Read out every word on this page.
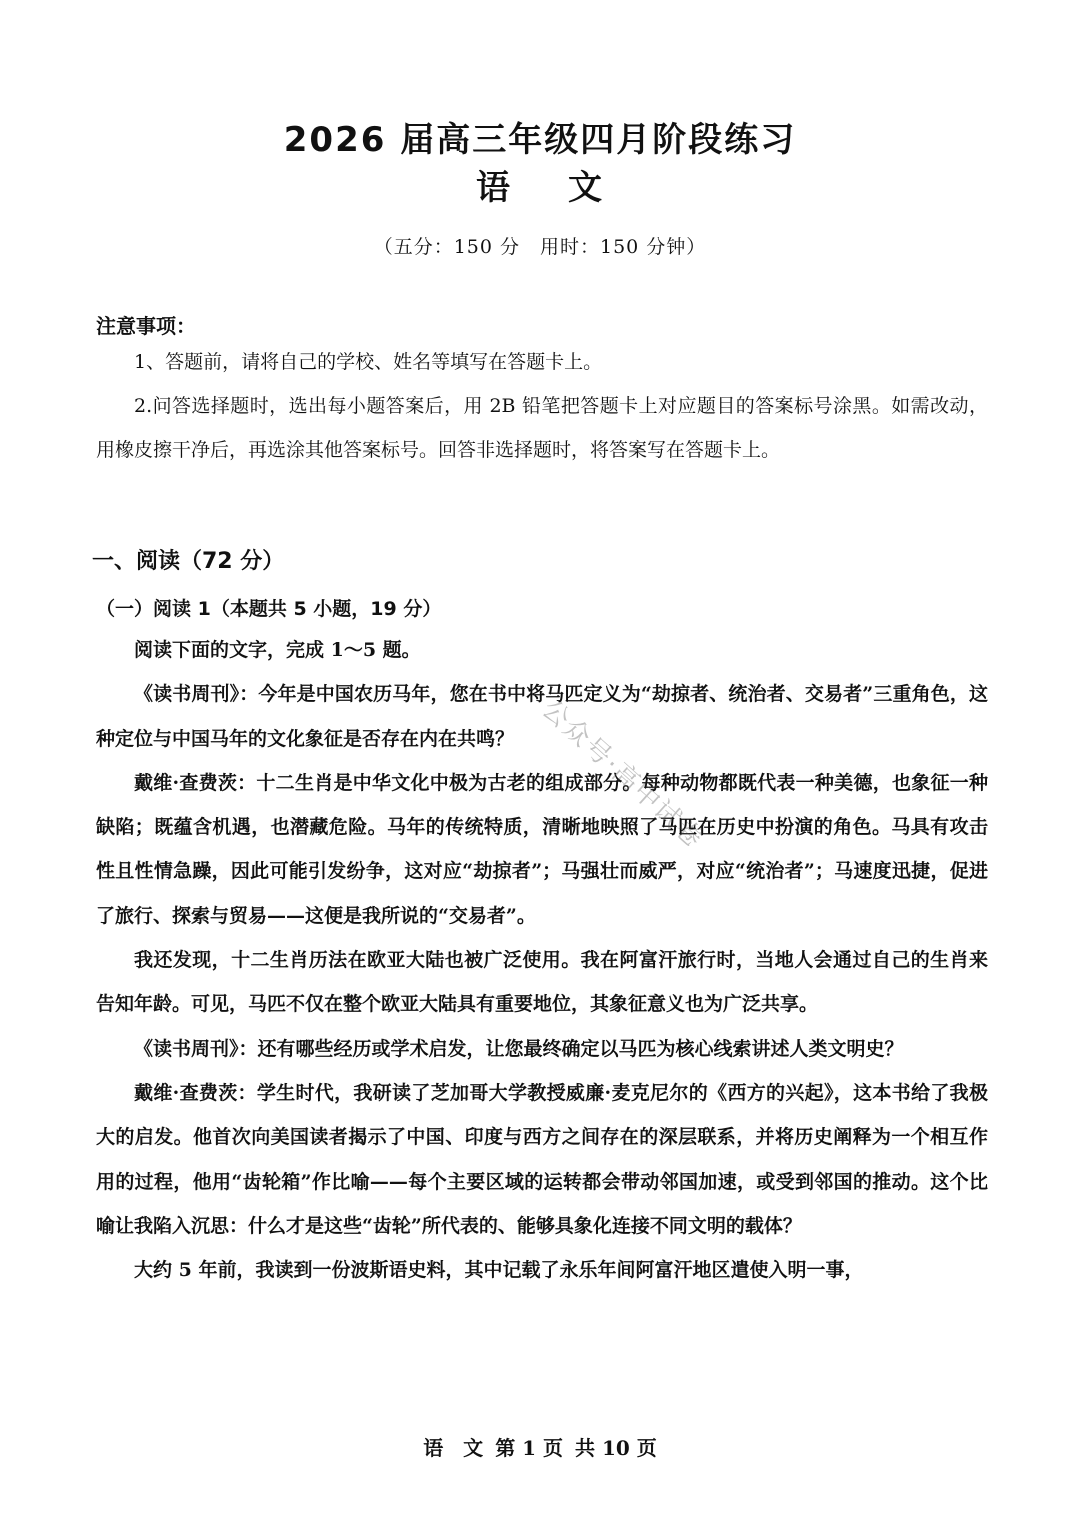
2026 届高三年级四月阶段练习
语 文
（五分：150 分　用时：150 分钟）
注意事项：

1、答题前，请将自己的学校、姓名等填写在答题卡上。

2.问答选择题时，选出每小题答案后，用 2B 铅笔把答题卡上对应题目的答案标号涂黑。如需改动，用橡皮擦干净后，再选涂其他答案标号。回答非选择题时，将答案写在答题卡上。

一、阅读（72 分）
（一）阅读 1（本题共 5 小题，19 分）

阅读下面的文字，完成 1～5 题。

《读书周刊》：今年是中国农历马年，您在书中将马匹定义为“劫掠者、统治者、交易者”三重角色，这种定位与中国马年的文化象征是否存在内在共鸣？

戴维·查费茨：十二生肖是中华文化中极为古老的组成部分。每种动物都既代表一种美德，也象征一种缺陷；既蕴含机遇，也潜藏危险。马年的传统特质，清晰地映照了马匹在历史中扮演的角色。马具有攻击性且性情急躁，因此可能引发纷争，这对应“劫掠者”；马强壮而威严，对应“统治者”；马速度迅捷，促进了旅行、探索与贸易——这便是我所说的“交易者”。

我还发现，十二生肖历法在欧亚大陆也被广泛使用。我在阿富汗旅行时，当地人会通过自己的生肖来告知年龄。可见，马匹不仅在整个欧亚大陆具有重要地位，其象征意义也为广泛共享。

《读书周刊》：还有哪些经历或学术启发，让您最终确定以马匹为核心线索讲述人类文明史？

戴维·查费茨：学生时代，我研读了芝加哥大学教授威廉·麦克尼尔的《西方的兴起》，这本书给了我极大的启发。他首次向美国读者揭示了中国、印度与西方之间存在的深层联系，并将历史阐释为一个相互作用的过程，他用“齿轮箱”作比喻——每个主要区域的运转都会带动邻国加速，或受到邻国的推动。这个比喻让我陷入沉思：什么才是这些“齿轮”所代表的、能够具象化连接不同文明的载体？

大约 5 年前，我读到一份波斯语史料，其中记载了永乐年间阿富汗地区遣使入明一事，

公众号·高中试卷
语　文 第 1 页 共 10 页
